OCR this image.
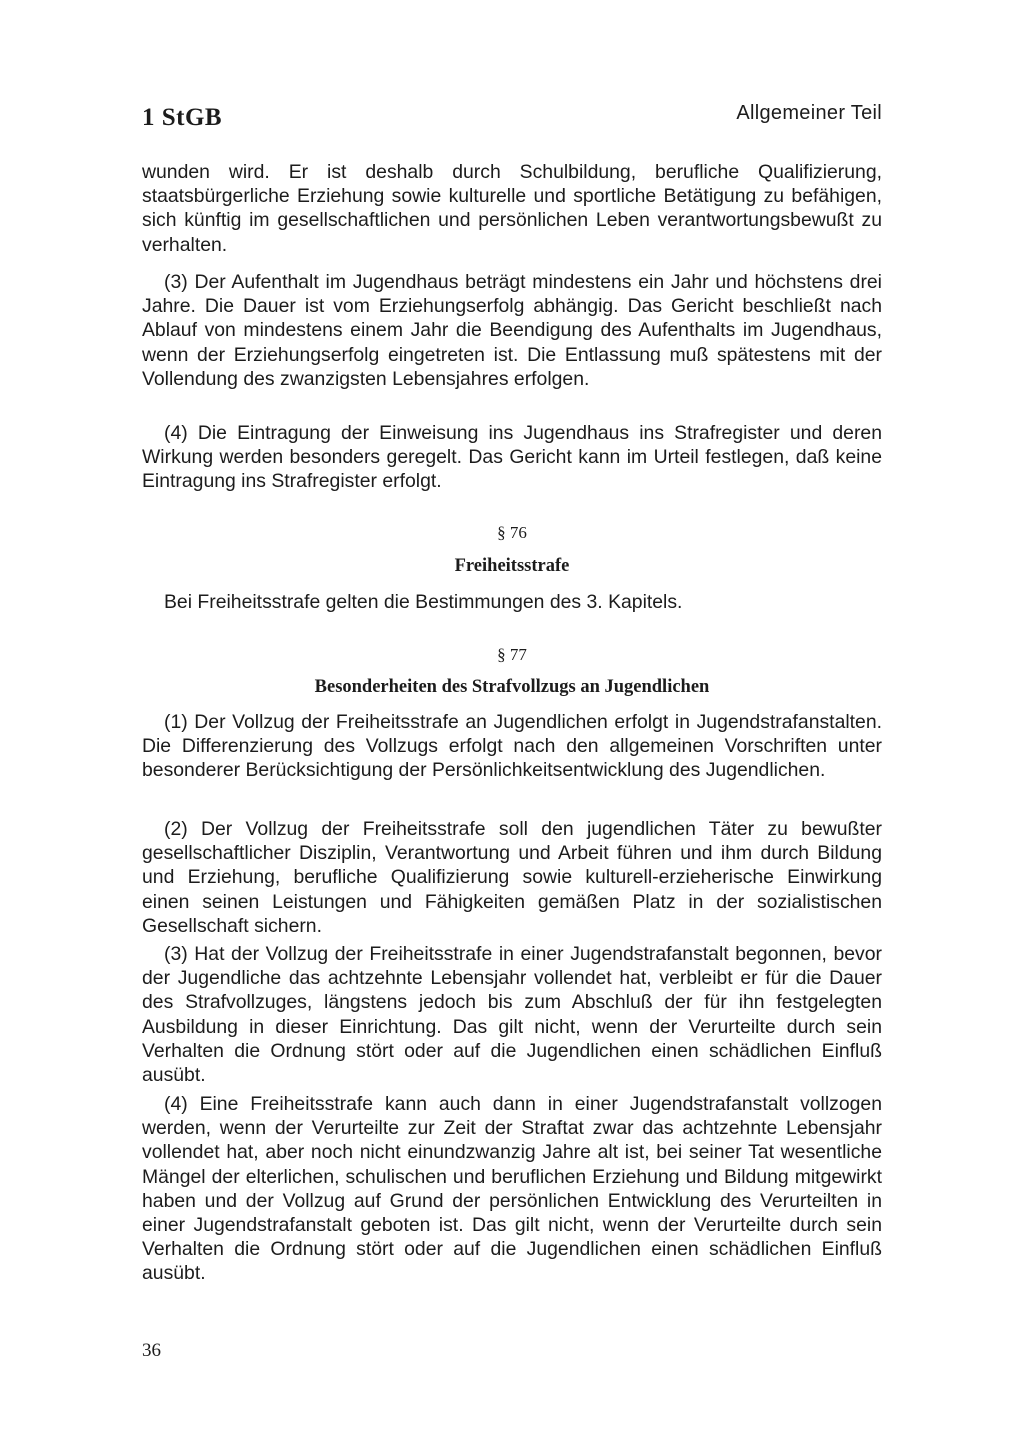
1 StGB	Allgemeiner Teil

wunden wird. Er ist deshalb durch Schulbildung, berufliche Qualifizierung, staatsbürgerliche Erziehung sowie kulturelle und sportliche Betätigung zu befähigen, sich künftig im gesellschaftlichen und persönlichen Leben verantwortungsbewußt zu verhalten.

(3) Der Aufenthalt im Jugendhaus beträgt mindestens ein Jahr und höchstens drei Jahre. Die Dauer ist vom Erziehungserfolg abhängig. Das Gericht beschließt nach Ablauf von mindestens einem Jahr die Beendigung des Aufenthalts im Jugendhaus, wenn der Erziehungserfolg eingetreten ist. Die Entlassung muß spätestens mit der Vollendung des zwanzigsten Lebensjahres erfolgen.

(4) Die Eintragung der Einweisung ins Jugendhaus ins Strafregister und deren Wirkung werden besonders geregelt. Das Gericht kann im Urteil festlegen, daß keine Eintragung ins Strafregister erfolgt.

§ 76
Freiheitsstrafe

Bei Freiheitsstrafe gelten die Bestimmungen des 3. Kapitels.

§ 77
Besonderheiten des Strafvollzugs an Jugendlichen

(1) Der Vollzug der Freiheitsstrafe an Jugendlichen erfolgt in Jugendstrafanstalten. Die Differenzierung des Vollzugs erfolgt nach den allgemeinen Vorschriften unter besonderer Berücksichtigung der Persönlichkeitsentwicklung des Jugendlichen.

(2) Der Vollzug der Freiheitsstrafe soll den jugendlichen Täter zu bewußter gesellschaftlicher Disziplin, Verantwortung und Arbeit führen und ihm durch Bildung und Erziehung, berufliche Qualifizierung sowie kulturell-erzieherische Einwirkung einen seinen Leistungen und Fähigkeiten gemäßen Platz in der sozialistischen Gesellschaft sichern.

(3) Hat der Vollzug der Freiheitsstrafe in einer Jugendstrafanstalt begonnen, bevor der Jugendliche das achtzehnte Lebensjahr vollendet hat, verbleibt er für die Dauer des Strafvollzuges, längstens jedoch bis zum Abschluß der für ihn festgelegten Ausbildung in dieser Einrichtung. Das gilt nicht, wenn der Verurteilte durch sein Verhalten die Ordnung stört oder auf die Jugendlichen einen schädlichen Einfluß ausübt.

(4) Eine Freiheitsstrafe kann auch dann in einer Jugendstrafanstalt vollzogen werden, wenn der Verurteilte zur Zeit der Straftat zwar das achtzehnte Lebensjahr vollendet hat, aber noch nicht einundzwanzig Jahre alt ist, bei seiner Tat wesentliche Mängel der elterlichen, schulischen und beruflichen Erziehung und Bildung mitgewirkt haben und der Vollzug auf Grund der persönlichen Entwicklung des Verurteilten in einer Jugendstrafanstalt geboten ist. Das gilt nicht, wenn der Verurteilte durch sein Verhalten die Ordnung stört oder auf die Jugendlichen einen schädlichen Einfluß ausübt.

36
